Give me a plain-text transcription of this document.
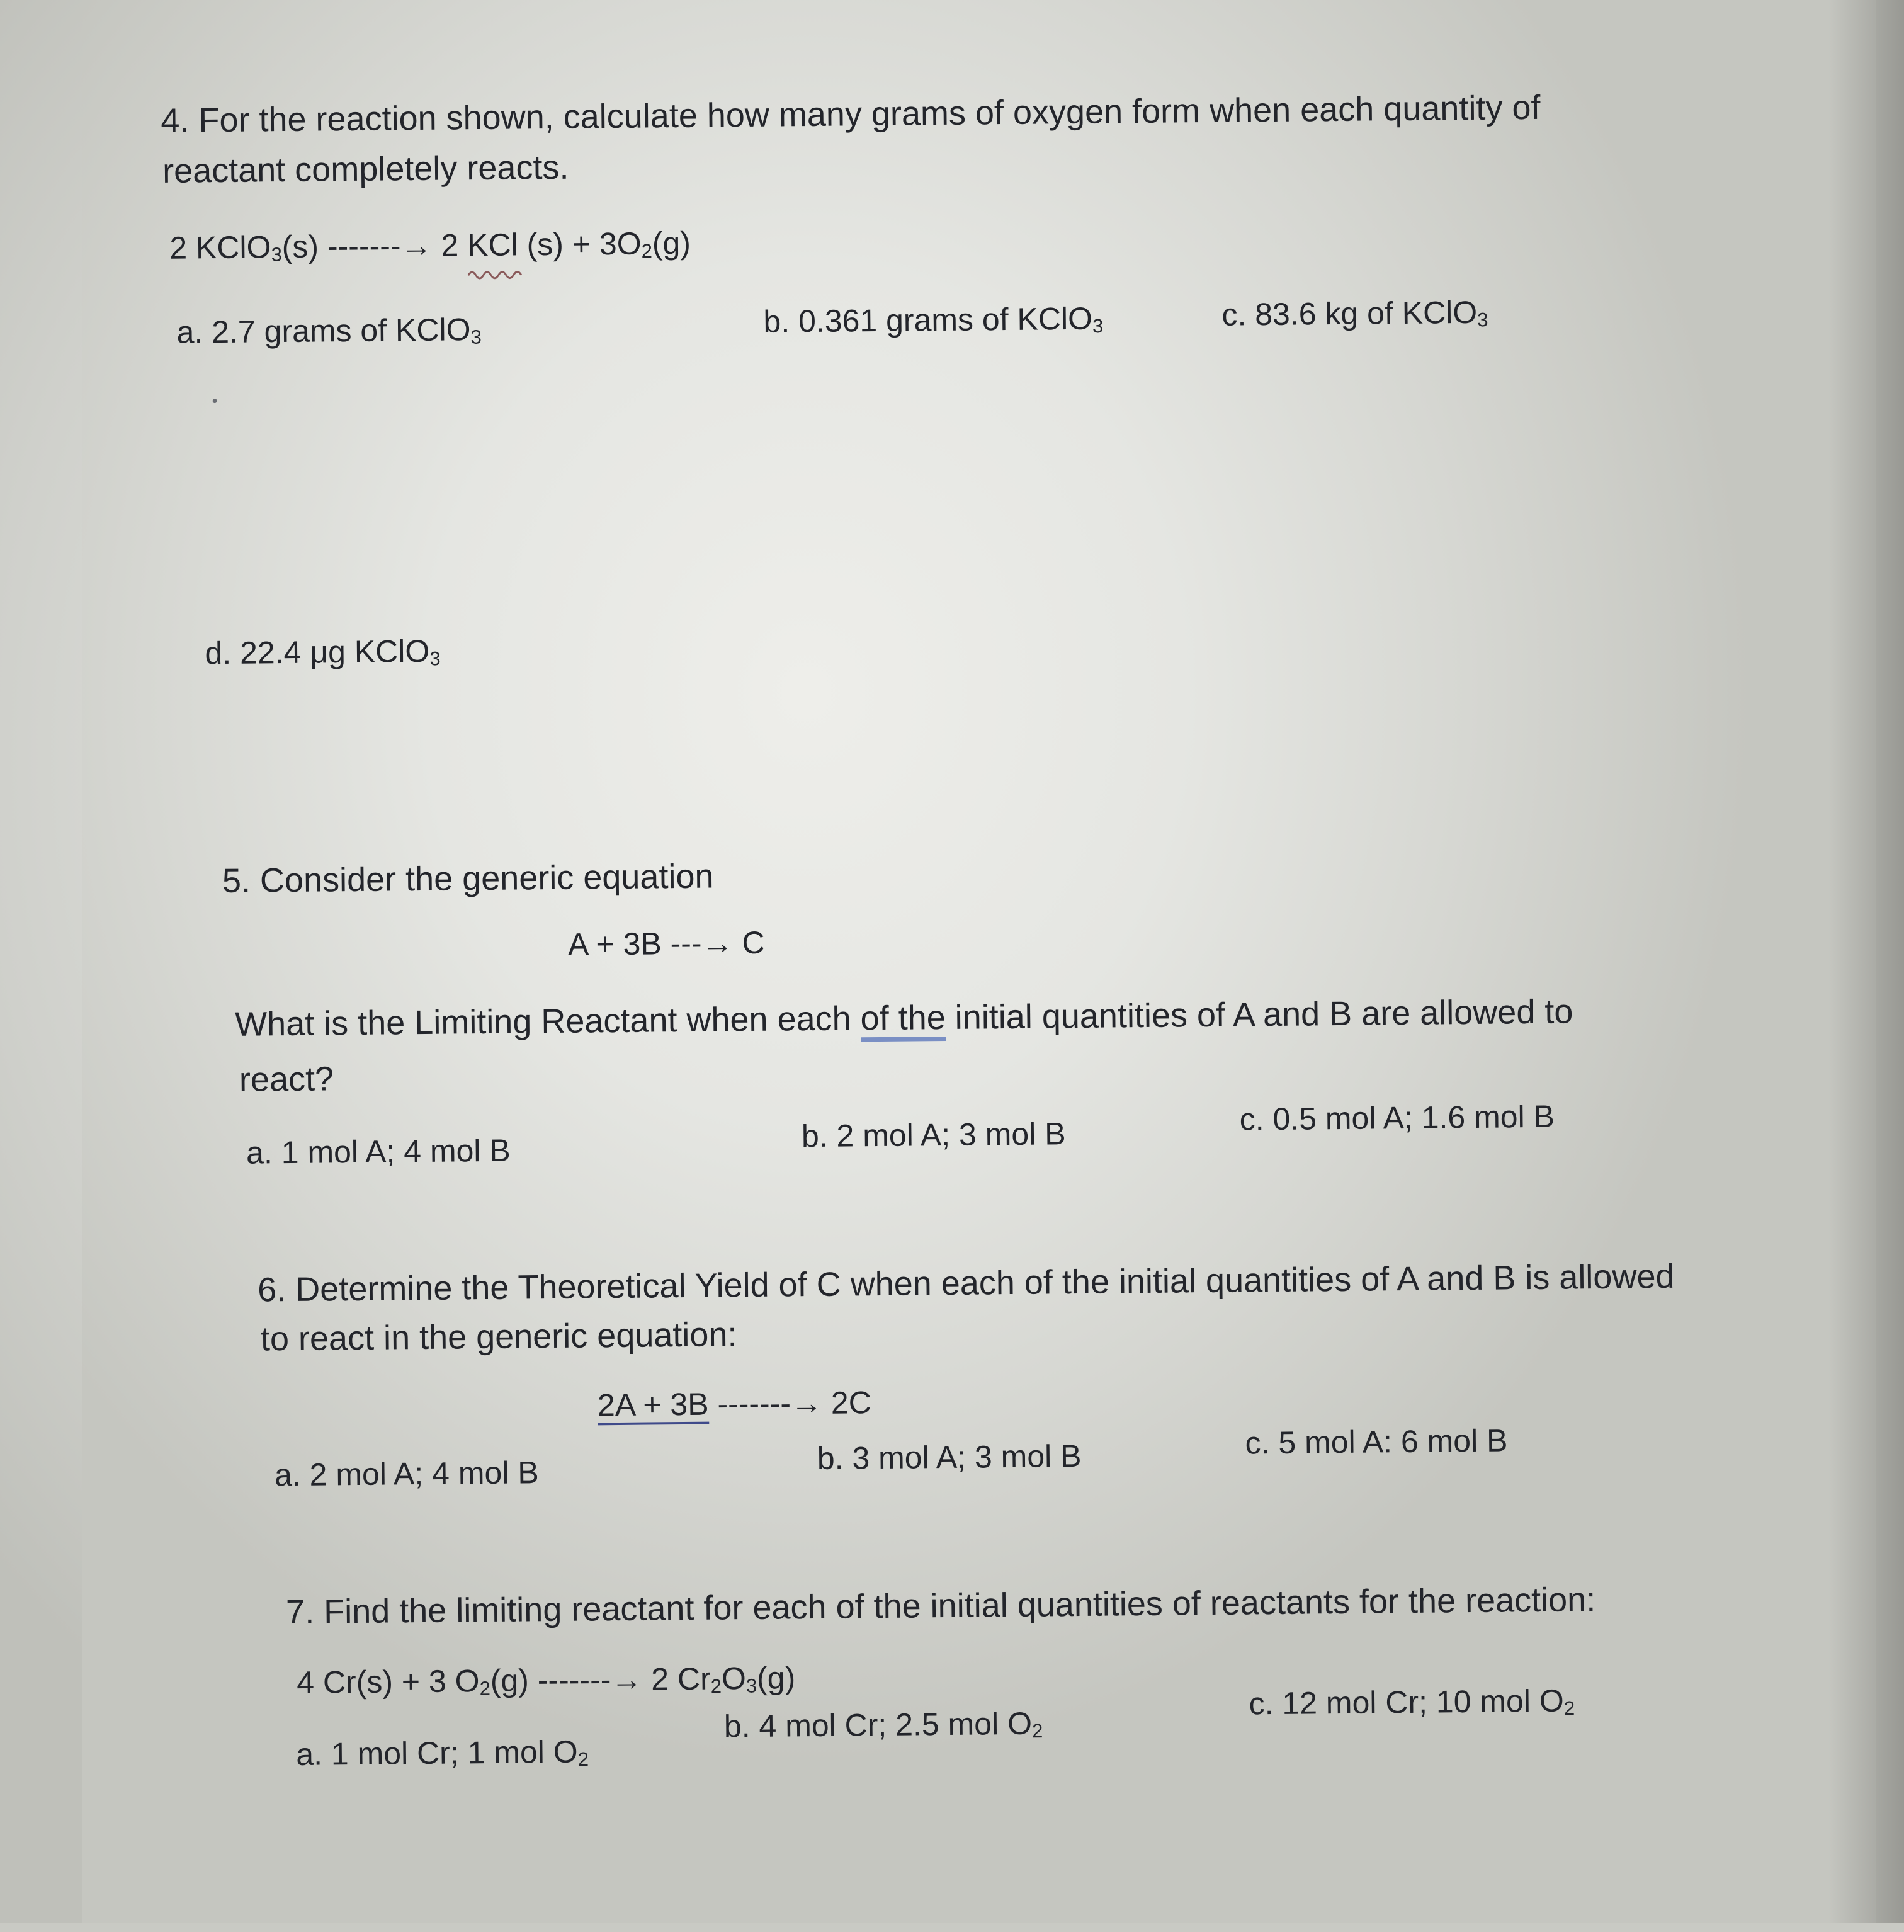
4. For the reaction shown, calculate how many grams of oxygen form when each quantity of
reactant completely reacts.
2 KClO$_3$(s) -------→ 2 KCl $(s) + 3O_2(g)$
a. 2.7 grams of KClO$_3$	b. 0.361 grams of KClO$_3$	c. 83.6 kg of KClO$_3$
d. 22.4 μg KClO$_3$
5. Consider the generic equation
A + 3B ---→ C
What is the Limiting Reactant when each of the initial quantities of A and B are allowed to
react?
a. 1 mol A; 4 mol B	b. 2 mol A; 3 mol B	c. 0.5 mol A; 1.6 mol B
6. Determine the Theoretical Yield of C when each of the initial quantities of A and B is allowed
to react in the generic equation:
2A + 3B -------→ 2C
a. 2 mol A; 4 mol B	b. 3 mol A; 3 mol B	c. 5 mol A: 6 mol B
7. Find the limiting reactant for each of the initial quantities of reactants for the reaction:
4 Cr(s) + 3 $O_2(g)$ -------→ 2 $Cr_2O_3(g)$
a. 1 mol Cr; 1 mol $O_2$
b. 4 mol Cr; 2.5 mol $O_2$
c. 12 mol Cr; 10 mol $O_2$
